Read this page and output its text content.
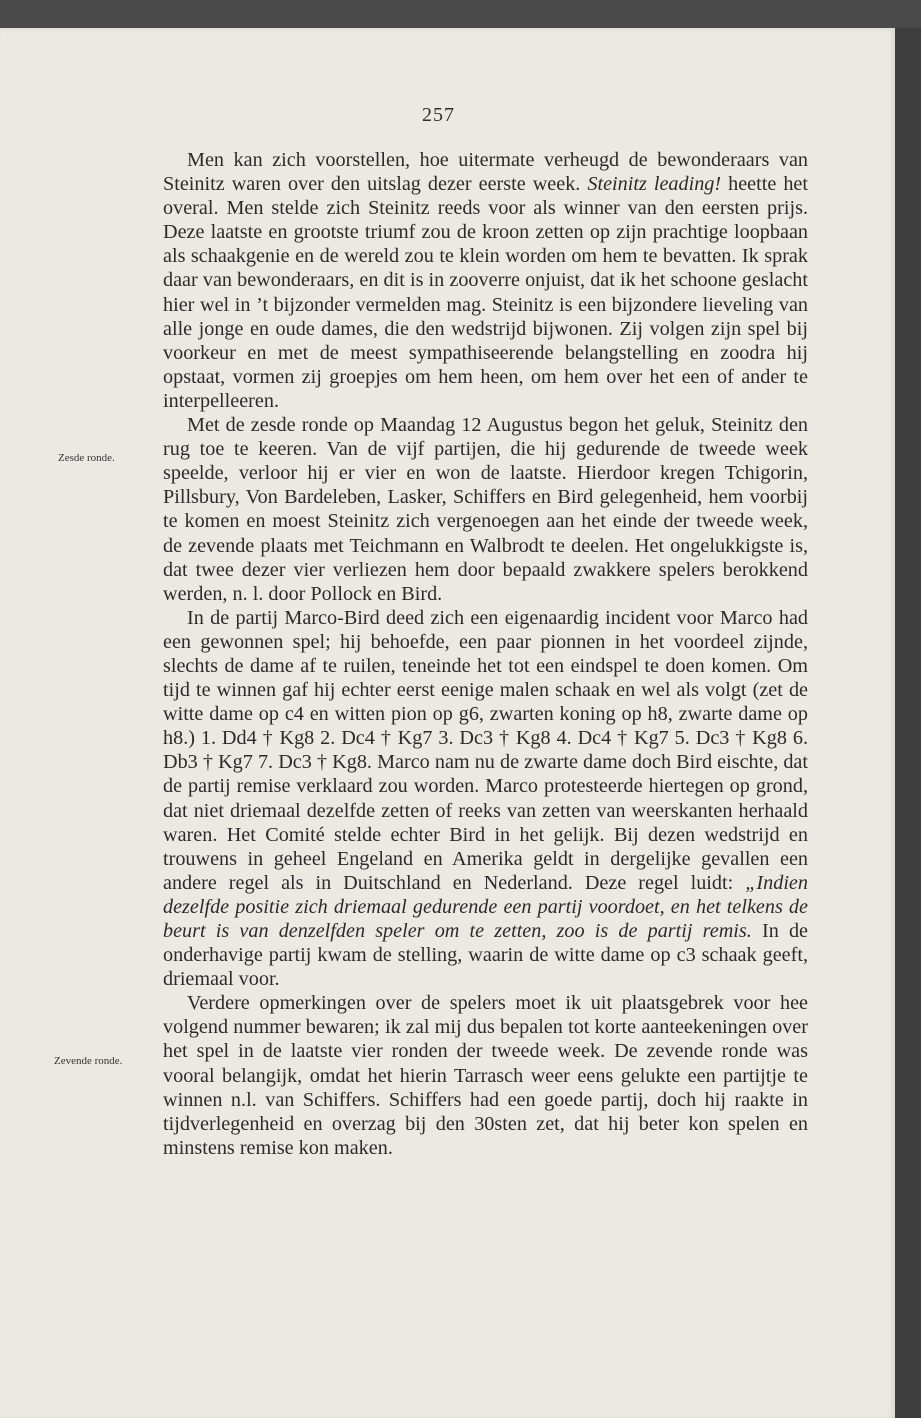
257
Zesde ronde.
Zevende ronde.

Men kan zich voorstellen, hoe uitermate verheugd de bewonderaars van Steinitz waren over den uitslag dezer eerste week. Steinitz leading! heette het overal. Men stelde zich Steinitz reeds voor als winner van den eersten prijs. Deze laatste en grootste triumf zou de kroon zetten op zijn prachtige loopbaan als schaakgenie en de wereld zou te klein worden om hem te bevatten. Ik sprak daar van bewonderaars, en dit is in zooverre onjuist, dat ik het schoone geslacht hier wel in ’t bijzonder vermelden mag. Steinitz is een bijzondere lieveling van alle jonge en oude dames, die den wedstrijd bijwonen. Zij volgen zijn spel bij voorkeur en met de meest sympathiseerende belangstelling en zoodra hij opstaat, vormen zij groepjes om hem heen, om hem over het een of ander te interpelleeren.

Met de zesde ronde op Maandag 12 Augustus begon het geluk, Steinitz den rug toe te keeren. Van de vijf partijen, die hij gedurende de tweede week speelde, verloor hij er vier en won de laatste. Hierdoor kregen Tchigorin, Pillsbury, Von Bardeleben, Lasker, Schiffers en Bird gelegenheid, hem voorbij te komen en moest Steinitz zich vergenoegen aan het einde der tweede week, de zevende plaats met Teichmann en Walbrodt te deelen. Het ongelukkigste is, dat twee dezer vier verliezen hem door bepaald zwakkere spelers berokkend werden, n. l. door Pollock en Bird.

In de partij Marco-Bird deed zich een eigenaardig incident voor Marco had een gewonnen spel; hij behoefde, een paar pionnen in het voordeel zijnde, slechts de dame af te ruilen, teneinde het tot een eindspel te doen komen. Om tijd te winnen gaf hij echter eerst eenige malen schaak en wel als volgt (zet de witte dame op c4 en witten pion op g6, zwarten koning op h8, zwarte dame op h8.) 1. Dd4 † Kg8 2. Dc4 † Kg7 3. Dc3 † Kg8 4. Dc4 † Kg7 5. Dc3 † Kg8 6. Db3 † Kg7 7. Dc3 † Kg8. Marco nam nu de zwarte dame doch Bird eischte, dat de partij remise verklaard zou worden. Marco protesteerde hiertegen op grond, dat niet driemaal dezelfde zetten of reeks van zetten van weerskanten herhaald waren. Het Comité stelde echter Bird in het gelijk. Bij dezen wedstrijd en trouwens in geheel Engeland en Amerika geldt in dergelijke gevallen een andere regel als in Duitschland en Nederland. Deze regel luidt: „Indien dezelfde positie zich driemaal gedurende een partij voordoet, en het telkens de beurt is van denzelfden speler om te zetten, zoo is de partij remis. In de onderhavige partij kwam de stelling, waarin de witte dame op c3 schaak geeft, driemaal voor.

Verdere opmerkingen over de spelers moet ik uit plaatsgebrek voor hee volgend nummer bewaren; ik zal mij dus bepalen tot korte aanteekeningen over het spel in de laatste vier ronden der tweede week. De zevende ronde was vooral belangijk, omdat het hierin Tarrasch weer eens gelukte een partijtje te winnen n.l. van Schiffers. Schiffers had een goede partij, doch hij raakte in tijdverlegenheid en overzag bij den 30sten zet, dat hij beter kon spelen en minstens remise kon maken.
